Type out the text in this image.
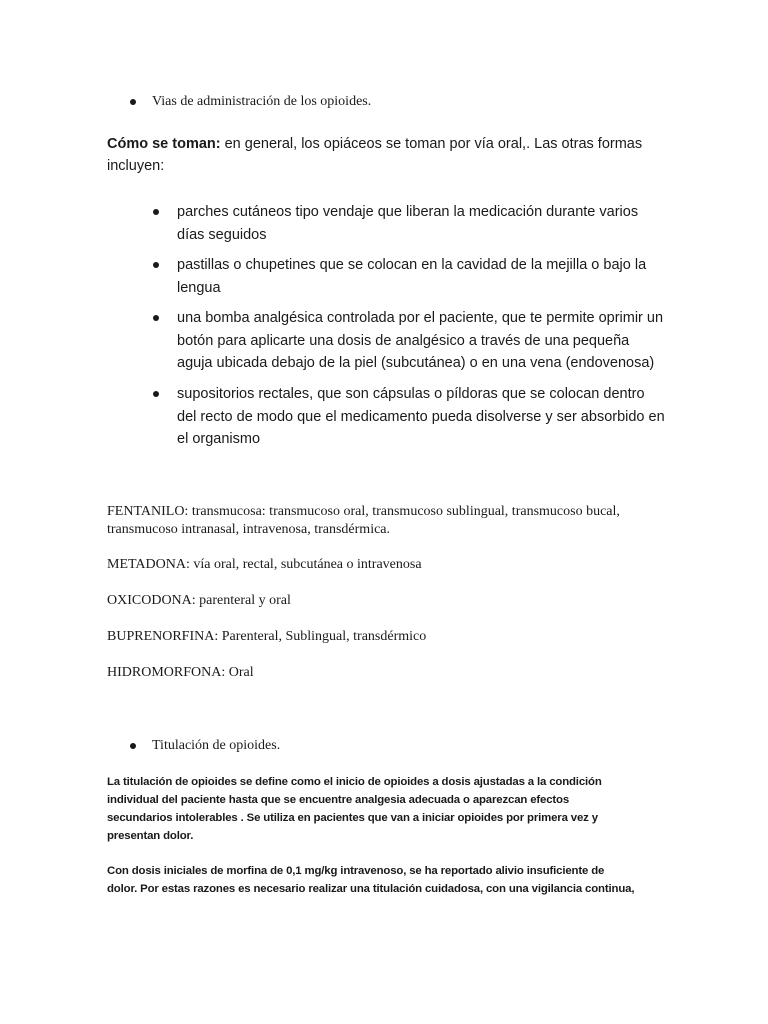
Vias de administración de los opioides.
Cómo se toman: en general, los opiáceos se toman por vía oral,. Las otras formas incluyen:
parches cutáneos tipo vendaje que liberan la medicación durante varios días seguidos
pastillas o chupetines que se colocan en la cavidad de la mejilla o bajo la lengua
una bomba analgésica controlada por el paciente, que te permite oprimir un botón para aplicarte una dosis de analgésico a través de una pequeña aguja ubicada debajo de la piel (subcutánea) o en una vena (endovenosa)
supositorios rectales, que son cápsulas o píldoras que se colocan dentro del recto de modo que el medicamento pueda disolverse y ser absorbido en el organismo
FENTANILO: transmucosa: transmucoso oral, transmucoso sublingual, transmucoso bucal, transmucoso intranasal, intravenosa, transdérmica.
METADONA: vía oral, rectal, subcutánea o intravenosa
OXICODONA: parenteral y oral
BUPRENORFINA: Parenteral, Sublingual, transdérmico
HIDROMORFONA: Oral
Titulación de opioides.
La titulación de opioides se define como el inicio de opioides a dosis ajustadas a la condición individual del paciente hasta que se encuentre analgesia adecuada o aparezcan efectos secundarios intolerables . Se utiliza en pacientes que van a iniciar opioides por primera vez y presentan dolor.
Con dosis iniciales de morfina de 0,1 mg/kg intravenoso, se ha reportado alivio insuficiente de dolor. Por estas razones es necesario realizar una titulación cuidadosa, con una vigilancia continua,
